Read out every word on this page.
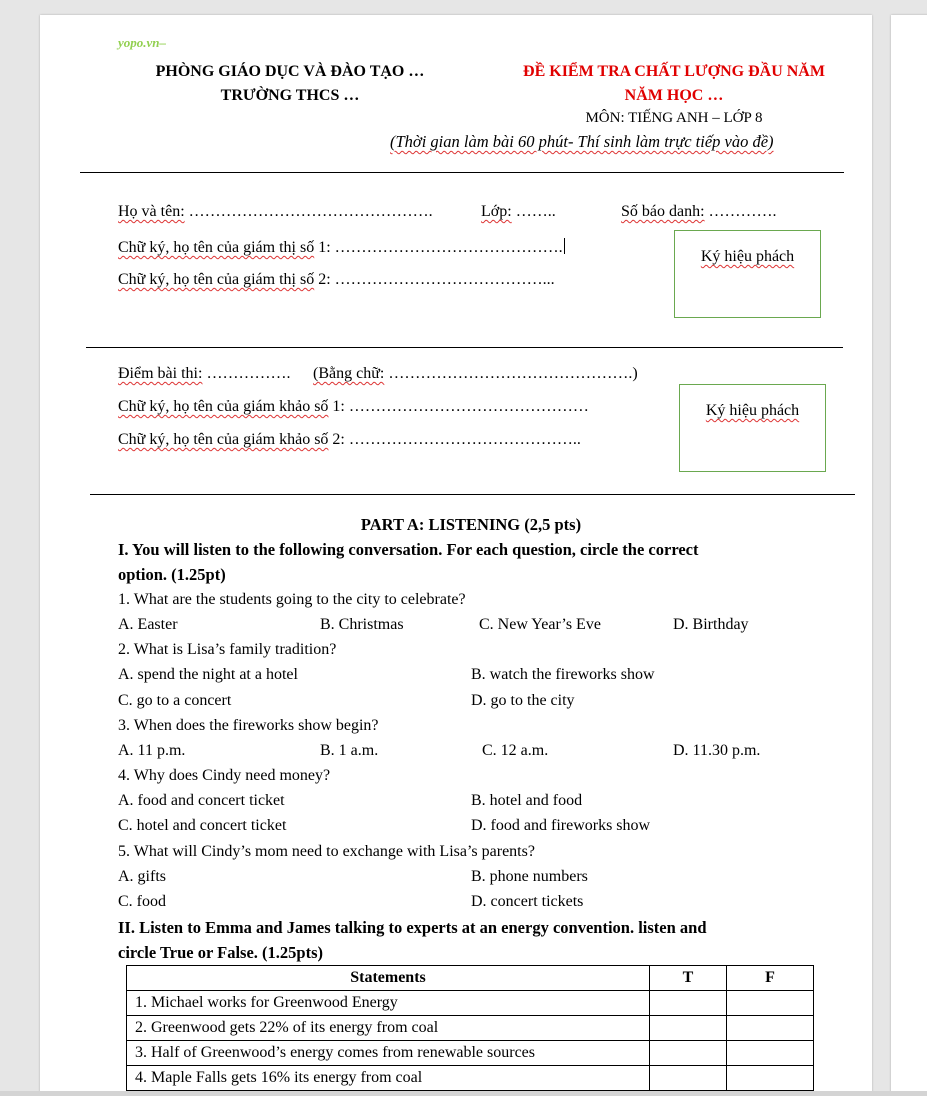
yopo.vn–
PHÒNG GIÁO DỤC VÀ ĐÀO TẠO …
TRƯỜNG THCS …
ĐỀ KIỂM TRA CHẤT LƯỢNG ĐẦU NĂM
NĂM HỌC …
MÔN: TIẾNG ANH – LỚP 8
(Thời gian làm bài 60 phút- Thí sinh làm trực tiếp vào đề)
Họ và tên: ……………………………………….	Lớp: ……..	Số báo danh: ………….
Chữ ký, họ tên của giám thị số 1: …………………………………….
Chữ ký, họ tên của giám thị số 2: …………………………………...
Ký hiệu phách
Điểm bài thi: ……………. (Bằng chữ: ……………………………………….)
Chữ ký, họ tên của giám khảo số 1: ………………………………………
Chữ ký, họ tên của giám khảo số 2: ……………………………………..
Ký hiệu phách
PART A: LISTENING (2,5 pts)
I. You will listen to the following conversation. For each question, circle the correct
option. (1.25pt)
1. What are the students going to the city to celebrate?
A. Easter	B. Christmas	C. New Year’s Eve	D. Birthday
2. What is Lisa’s family tradition?
A. spend the night at a hotel	B. watch the fireworks show
C. go to a concert	D. go to the city
3. When does the fireworks show begin?
A. 11 p.m.	B. 1 a.m.	C. 12 a.m.	D. 11.30 p.m.
4. Why does Cindy need money?
A. food and concert ticket	B. hotel and food
C. hotel and concert ticket	D. food and fireworks show
5. What will Cindy’s mom need to exchange with Lisa’s parents?
A. gifts	B. phone numbers
C. food	D. concert tickets
II. Listen to Emma and James talking to experts at an energy convention. listen and
circle True or False. (1.25pts)
Statements	T	F
1. Michael works for Greenwood Energy		
2. Greenwood gets 22% of its energy from coal		
3. Half of Greenwood’s energy comes from renewable sources		
4. Maple Falls gets 16% its energy from coal		
